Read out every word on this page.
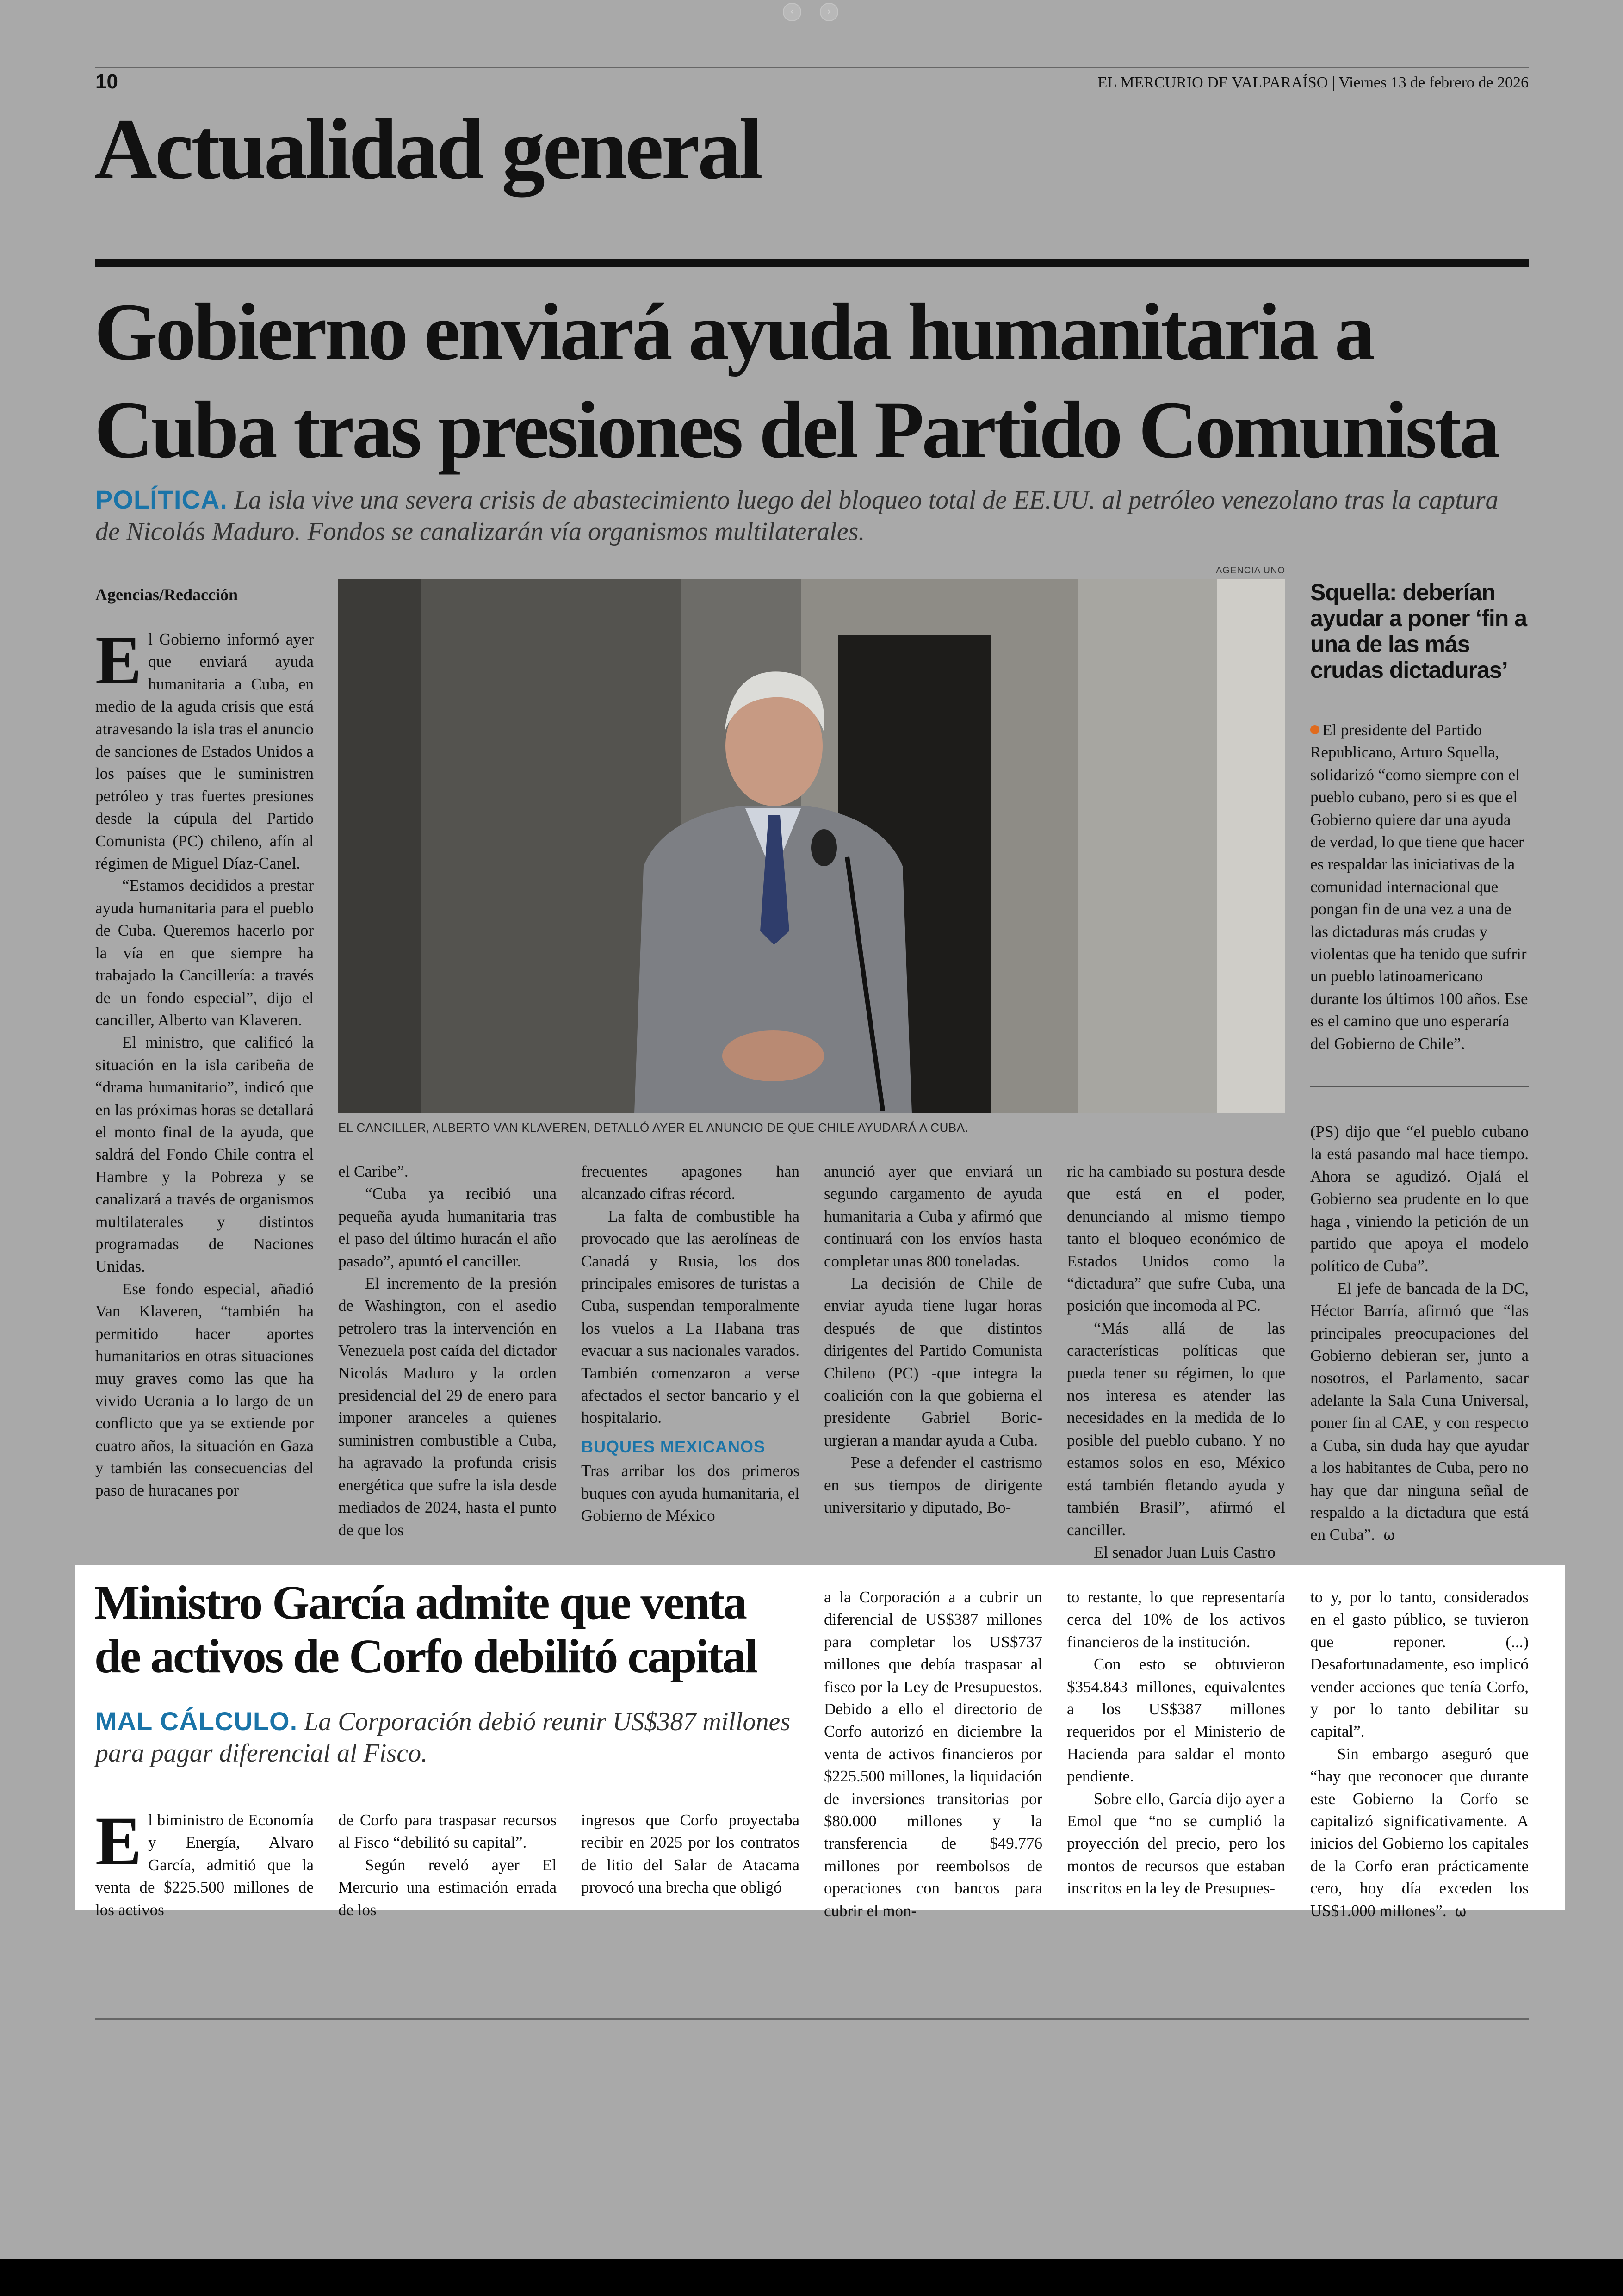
‹	›
10	EL MERCURIO DE VALPARAÍSO | Viernes 13 de febrero de 2026
Actualidad general
Gobierno enviará ayuda humanitaria a
Cuba tras presiones del Partido Comunista
POLÍTICA. La isla vive una severa crisis de abastecimiento luego del bloqueo total de EE.UU. al petróleo venezolano tras la captura de Nicolás Maduro. Fondos se canalizarán vía organismos multilaterales.
Agencias/Redacción
AGENCIA UNO
EL CANCILLER, ALBERTO VAN KLAVEREN, DETALLÓ AYER EL ANUNCIO DE QUE CHILE AYUDARÁ A CUBA.

El Gobierno informó ayer que enviará ayuda humanitaria a Cuba, en medio de la aguda crisis que está atravesando la isla tras el anuncio de sanciones de Estados Unidos a los países que le suministren petróleo y tras fuertes presiones desde la cúpula del Partido Comunista (PC) chileno, afín al régimen de Miguel Díaz-Canel.

“Estamos decididos a prestar ayuda humanitaria para el pueblo de Cuba. Queremos hacerlo por la vía en que siempre ha trabajado la Cancillería: a través de un fondo especial”, dijo el canciller, Alberto van Klaveren.

El ministro, que calificó la situación en la isla caribeña de “drama humanitario”, indicó que en las próximas horas se detallará el monto final de la ayuda, que saldrá del Fondo Chile contra el Hambre y la Pobreza y se canalizará a través de organismos multilaterales y distintos programadas de Naciones Unidas.

Ese fondo especial, añadió Van Klaveren, “también ha permitido hacer aportes humanitarios en otras situaciones muy graves como las que ha vivido Ucrania a lo largo de un conflicto que ya se extiende por cuatro años, la situación en Gaza y también las consecuencias del paso de huracanes por

el Caribe”.

“Cuba ya recibió una pequeña ayuda humanitaria tras el paso del último huracán el año pasado”, apuntó el canciller.

El incremento de la presión de Washington, con el asedio petrolero tras la intervención en Venezuela post caída del dictador Nicolás Maduro y la orden presidencial del 29 de enero para imponer aranceles a quienes suministren combustible a Cuba, ha agravado la profunda crisis energética que sufre la isla desde mediados de 2024, hasta el punto de que los

frecuentes apagones han alcanzado cifras récord.

La falta de combustible ha provocado que las aerolíneas de Canadá y Rusia, los dos principales emisores de turistas a Cuba, suspendan temporalmente los vuelos a La Habana tras evacuar a sus nacionales varados. También comenzaron a verse afectados el sector bancario y el hospitalario.

BUQUES MEXICANOS

Tras arribar los dos primeros buques con ayuda humanitaria, el Gobierno de México

anunció ayer que enviará un segundo cargamento de ayuda humanitaria a Cuba y afirmó que continuará con los envíos hasta completar unas 800 toneladas.

La decisión de Chile de enviar ayuda tiene lugar horas después de que distintos dirigentes del Partido Comunista Chileno (PC) -que integra la coalición con la que gobierna el presidente Gabriel Boric- urgieran a mandar ayuda a Cuba.

Pese a defender el castrismo en sus tiempos de dirigente universitario y diputado, Bo-

ric ha cambiado su postura desde que está en el poder, denunciando al mismo tiempo tanto el bloqueo económico de Estados Unidos como la “dictadura” que sufre Cuba, una posición que incomoda al PC.

“Más allá de las características políticas que pueda tener su régimen, lo que nos interesa es atender las necesidades en la medida de lo posible del pueblo cubano. Y no estamos solos en eso, México está también fletando ayuda y también Brasil”, afirmó el canciller.

El senador Juan Luis Castro

Squella: deberían ayudar a poner ‘fin a una de las más crudas dictaduras’

El presidente del Partido Republicano, Arturo Squella, solidarizó “como siempre con el pueblo cubano, pero si es que el Gobierno quiere dar una ayuda de verdad, lo que tiene que hacer es respaldar las iniciativas de la comunidad internacional que pongan fin de una vez a una de las dictaduras más crudas y violentas que ha tenido que sufrir un pueblo latinoamericano durante los últimos 100 años. Ese es el camino que uno esperaría del Gobierno de Chile”.

(PS) dijo que “el pueblo cubano la está pasando mal hace tiempo. Ahora se agudizó. Ojalá el Gobierno sea prudente en lo que haga , viniendo la petición de un partido que apoya el modelo político de Cuba”.

El jefe de bancada de la DC, Héctor Barría, afirmó que “las principales preocupaciones del Gobierno debieran ser, junto a nosotros, el Parlamento, sacar adelante la Sala Cuna Universal, poner fin al CAE, y con respecto a Cuba, sin duda hay que ayudar a los habitantes de Cuba, pero no hay que dar ninguna señal de respaldo a la dictadura que está en Cuba”. ω

Ministro García admite que venta
de activos de Corfo debilitó capital
MAL CÁLCULO. La Corporación debió reunir US$387 millones para pagar diferencial al Fisco.

El biministro de Economía y Energía, Alvaro García, admitió que la venta de $225.500 millones de los activos

de Corfo para traspasar recursos al Fisco “debilitó su capital”.

Según reveló ayer El Mercurio una estimación errada de los

ingresos que Corfo proyectaba recibir en 2025 por los contratos de litio del Salar de Atacama provocó una brecha que obligó

a la Corporación a a cubrir un diferencial de US$387 millones para completar los US$737 millones que debía traspasar al fisco por la Ley de Presupuestos. Debido a ello el directorio de Corfo autorizó en diciembre la venta de activos financieros por $225.500 millones, la liquidación de inversiones transitorias por $80.000 millones y la transferencia de $49.776 millones por reembolsos de operaciones con bancos para cubrir el mon-

to restante, lo que representaría cerca del 10% de los activos financieros de la institución.

Con esto se obtuvieron $354.843 millones, equivalentes a los US$387 millones requeridos por el Ministerio de Hacienda para saldar el monto pendiente.

Sobre ello, García dijo ayer a Emol que “no se cumplió la proyección del precio, pero los montos de recursos que estaban inscritos en la ley de Presupues-

to y, por lo tanto, considerados en el gasto público, se tuvieron que reponer. (...) Desafortunadamente, eso implicó vender acciones que tenía Corfo, y por lo tanto debilitar su capital”.

Sin embargo aseguró que “hay que reconocer que durante este Gobierno la Corfo se capitalizó significativamente. A inicios del Gobierno los capitales de la Corfo eran prácticamente cero, hoy día exceden los US$1.000 millones”. ω
